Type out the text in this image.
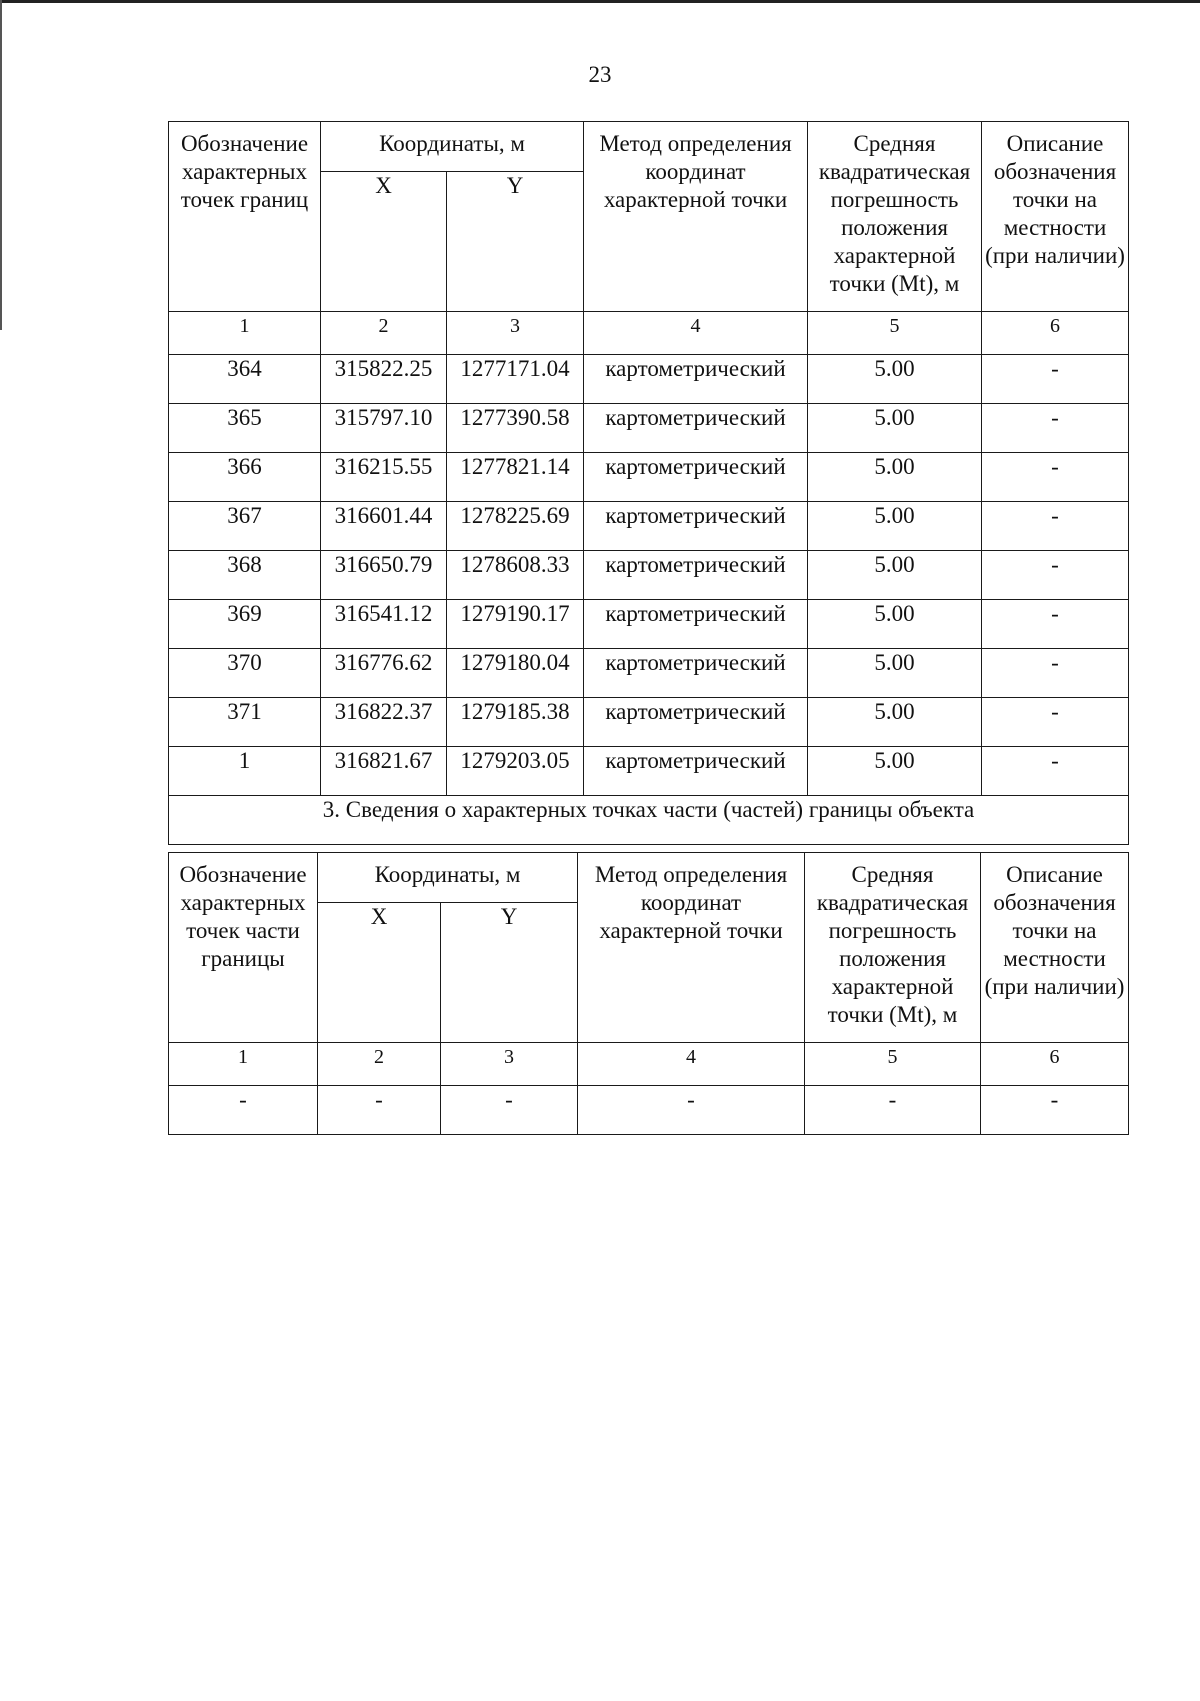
23
Обозначение характерных точек границ	Координаты, м		Метод определения координат характерной точки	Средняя квадратическая погрешность положения характерной точки (Mt), м	Описание обозначения точки на местности (при наличии)
	X	Y			
1	2	3	4	5	6
364	315822.25	1277171.04	картометрический	5.00	-
365	315797.10	1277390.58	картометрический	5.00	-
366	316215.55	1277821.14	картометрический	5.00	-
367	316601.44	1278225.69	картометрический	5.00	-
368	316650.79	1278608.33	картометрический	5.00	-
369	316541.12	1279190.17	картометрический	5.00	-
370	316776.62	1279180.04	картометрический	5.00	-
371	316822.37	1279185.38	картометрический	5.00	-
1	316821.67	1279203.05	картометрический	5.00	-
3. Сведения о характерных точках части (частей) границы объекта					
Обозначение характерных точек части границы	Координаты, м		Метод определения координат характерной точки	Средняя квадратическая погрешность положения характерной точки (Mt), м	Описание обозначения точки на местности (при наличии)
	X	Y			
1	2	3	4	5	6
-	-	-	-	-	-
